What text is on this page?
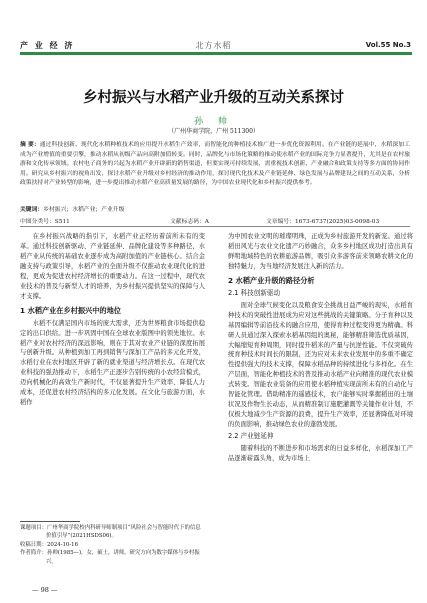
产 业 经 济	北方水稻	Vol.55 No.3
乡村振兴与水稻产业升级的互动关系探讨
孙 帅
（广州华商学院，广州 511300）
摘 要：通过科技创新、现代化水稻种植技术的应用提升水稻生产效率，而智能化的种植技术推广进一步优化资源利用。在产业链的延展中，水稻深加工成为产业增值的重要引擎，推动水稻从初级产品向高附加值转变。同时，品牌化与市场化策略的推动使水稻产业的国际竞争力显著提升，尤其是在农村旅游和文化传承领域。农村电子商务的兴起为水稻产业开辟新的销售渠道，但要实现可持续发展，需重视技术创新、产业融合和政策支持等多方面的协同作用。研究从乡村振兴的视角出发，探讨水稻产业升级对乡村经济的推动作用，探讨现代化技术及产业链延伸、绿色发展与品牌建设之间的互动关系，分析政策扶持对产业转型的影响，进一步提出推动水稻产业高质量发展的路径，为中国农业现代化和乡村振兴提供参考。
关键词：乡村振兴；水稻产业；产业升级
中图分类号：S511	文献标志码：A	文章编号：1673-6737(2025)03-0098-03

在乡村振兴战略的指引下，水稻产业正经历着前所未有的变革。通过科技创新驱动、产业链延伸、品牌化建设等多种路径，水稻产业从传统的基础农业逐步成为高附加值的产业链核心。结合金融支持与政策引导，水稻产业的全面升级不仅推动农业现代化的进程，更成为促进农村经济增长的重要动力。在这一过程中，现代农业技术的普及与新型人才的培养，为乡村振兴提供坚实的保障与人才支撑。

1 水稻产业在乡村振兴中的地位

水稻不仅满足国内市场的庞大需求，还为世界粮食市场提供稳定的出口供给。进一步巩固中国在全球农业版图中的领先地位。水稻产业对农村经济的深远影响，则在于其对农业产业链的深度拓展与创新升级。从种植到加工再到销售与深加工产品的多元化开发，水稻行业在农村地区开辟了新的就业渠道与经济增长点。在现代农业科技的强劲推动下，水稻生产正逐步告别传统的小农经营模式，迈向机械化的高效生产新时代，不仅显著提升生产效率、降低人力成本，还促进农村经济结构的多元化发展。在文化与旅游方面，水稻作

为中国农业文明的璀璨明珠，正成为乡村旅游开发的新宠。通过将稻田风光与农业文化遗产巧妙融合，众多乡村地区成功打造出具有鲜明地域特色的农耕旅游品牌，吸引众多游客前来领略农耕文化的独特魅力，为当地经济发展注入新的活力。

2 水稻产业升级的路径分析
2.1 科技创新驱动

面对全球气候变化以及粮食安全挑战日益严峻的现实，水稻育种技术的突破性进展成为应对这些挑战的关键策略。分子育种以及基因编辑等前沿技术的融合应用，使得育种过程变得更为精确。科研人员通过深入探索水稻基因组的奥秘，能够精准筛选优质基因，大幅缩短育种周期，同时提升稻米的产量与抗逆性能。不仅突破传统育种技术时间长的限制，还为应对未来农业发展中的多重不确定性提供强大的技术支撑，保障水稻品种的持续进化与多样化。在生产层面，智能化种植技术的普及推动水稻产业向精准的现代农业模式转变。智能农业装备的应用使水稻种植实现前所未有的自动化与智能化管理。借助精准的遥感技术，农户能够实时掌握稻田的土壤状况及作物生长动态，从而精准制订施肥灌溉等关键作业计划，不仅极大地减少生产资源的浪费，提升生产效率，还显著降低对环境的负面影响，推动绿色农业的蓬勃发展。

2.2 产业链延伸

随着科技的不断进步和市场需求的日益多样化，水稻深加工产品逐渐崭露头角，成为市场上

课题项目：广州华商学院校内科研导师制项目“风险社会与智能时代下的信息价值引导”(2021HSDS06)。
收稿日期：2024-10-16
作者简介：孙帅(1985—)，女，硕士，讲师，研究方向为数字媒体与乡村振兴。
— 98 —
